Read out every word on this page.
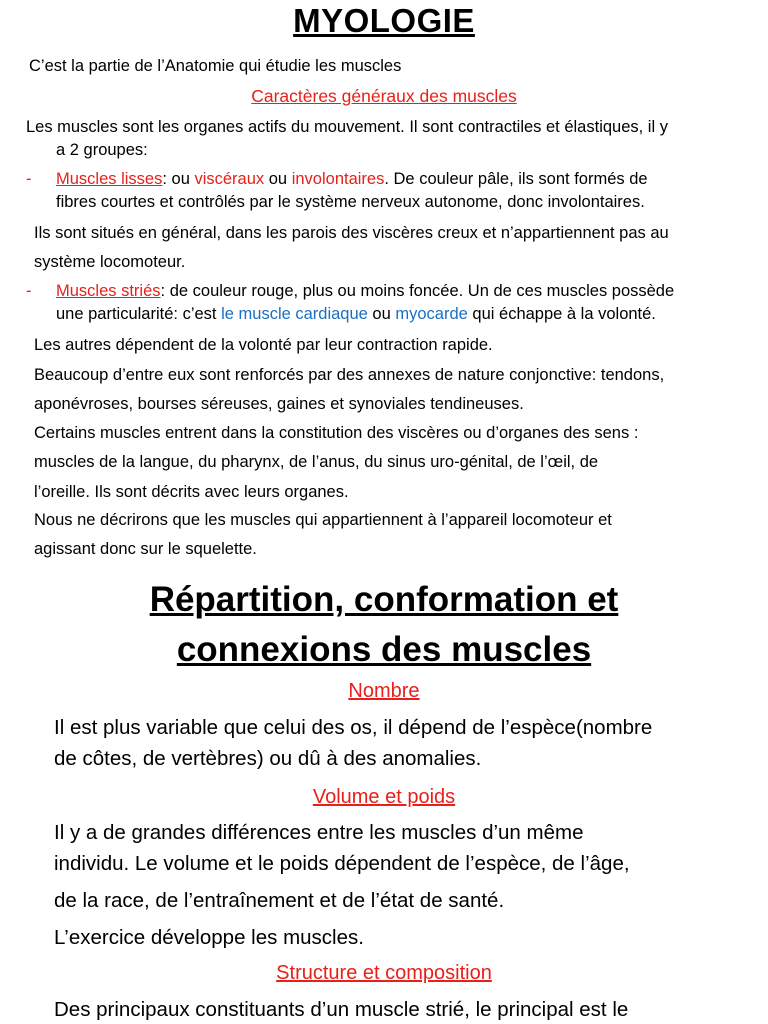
MYOLOGIE
C’est la partie de l’Anatomie qui étudie les muscles
Caractères généraux des muscles
Les muscles sont les organes actifs du mouvement. Il sont contractiles et élastiques, il y
a 2 groupes:
- Muscles lisses: ou viscéraux ou involontaires. De couleur pâle, ils sont formés de
fibres courtes et contrôlés par le système nerveux autonome, donc involontaires.
Ils sont situés en général, dans les parois des viscères creux et n’appartiennent pas au
système locomoteur.
- Muscles striés: de couleur rouge, plus ou moins foncée. Un de ces muscles possède
une particularité: c’est le muscle cardiaque ou myocarde qui échappe à la volonté.
Les autres dépendent de la volonté par leur contraction rapide.
Beaucoup d’entre eux sont renforcés par des annexes de nature conjonctive: tendons,
aponévroses, bourses séreuses, gaines et synoviales tendineuses.
Certains muscles entrent dans la constitution des viscères ou d’organes des sens :
muscles de la langue, du pharynx, de l’anus, du sinus uro-génital, de l’œil, de
l’oreille. Ils sont décrits avec leurs organes.
Nous ne décrirons que les muscles qui appartiennent à l’appareil locomoteur et
agissant donc sur le squelette.
Répartition, conformation et
connexions des muscles
Nombre
Il est plus variable que celui des os, il dépend de l’espèce(nombre
de côtes, de vertèbres) ou dû à des anomalies.
Volume et poids
Il y a de grandes différences entre les muscles d’un même
individu. Le volume et le poids dépendent de l’espèce, de l’âge,
de la race, de l’entraînement et de l’état de santé.
L’exercice développe les muscles.
Structure et composition
Des principaux constituants d’un muscle strié, le principal est le
